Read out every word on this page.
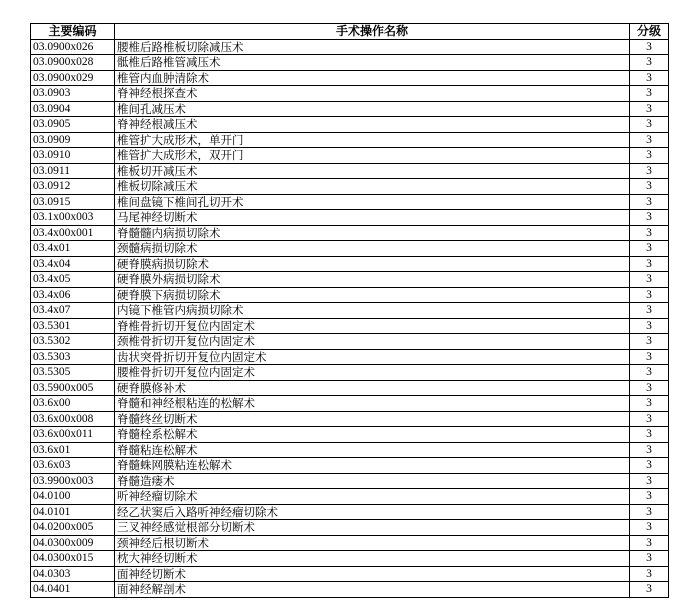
主要编码	手术操作名称	分级
03.0900x026	腰椎后路椎板切除减压术	3
03.0900x028	骶椎后路椎管减压术	3
03.0900x029	椎管内血肿清除术	3
03.0903	脊神经根探查术	3
03.0904	椎间孔减压术	3
03.0905	脊神经根减压术	3
03.0909	椎管扩大成形术，单开门	3
03.0910	椎管扩大成形术，双开门	3
03.0911	椎板切开减压术	3
03.0912	椎板切除减压术	3
03.0915	椎间盘镜下椎间孔切开术	3
03.1x00x003	马尾神经切断术	3
03.4x00x001	脊髓髓内病损切除术	3
03.4x01	颈髓病损切除术	3
03.4x04	硬脊膜病损切除术	3
03.4x05	硬脊膜外病损切除术	3
03.4x06	硬脊膜下病损切除术	3
03.4x07	内镜下椎管内病损切除术	3
03.5301	脊椎骨折切开复位内固定术	3
03.5302	颈椎骨折切开复位内固定术	3
03.5303	齿状突骨折切开复位内固定术	3
03.5305	腰椎骨折切开复位内固定术	3
03.5900x005	硬脊膜修补术	3
03.6x00	脊髓和神经根粘连的松解术	3
03.6x00x008	脊髓终丝切断术	3
03.6x00x011	脊髓栓系松解术	3
03.6x01	脊髓粘连松解术	3
03.6x03	脊髓蛛网膜粘连松解术	3
03.9900x003	脊髓造瘘术	3
04.0100	听神经瘤切除术	3
04.0101	经乙状窦后入路听神经瘤切除术	3
04.0200x005	三叉神经感觉根部分切断术	3
04.0300x009	颈神经后根切断术	3
04.0300x015	枕大神经切断术	3
04.0303	面神经切断术	3
04.0401	面神经解剖术	3
